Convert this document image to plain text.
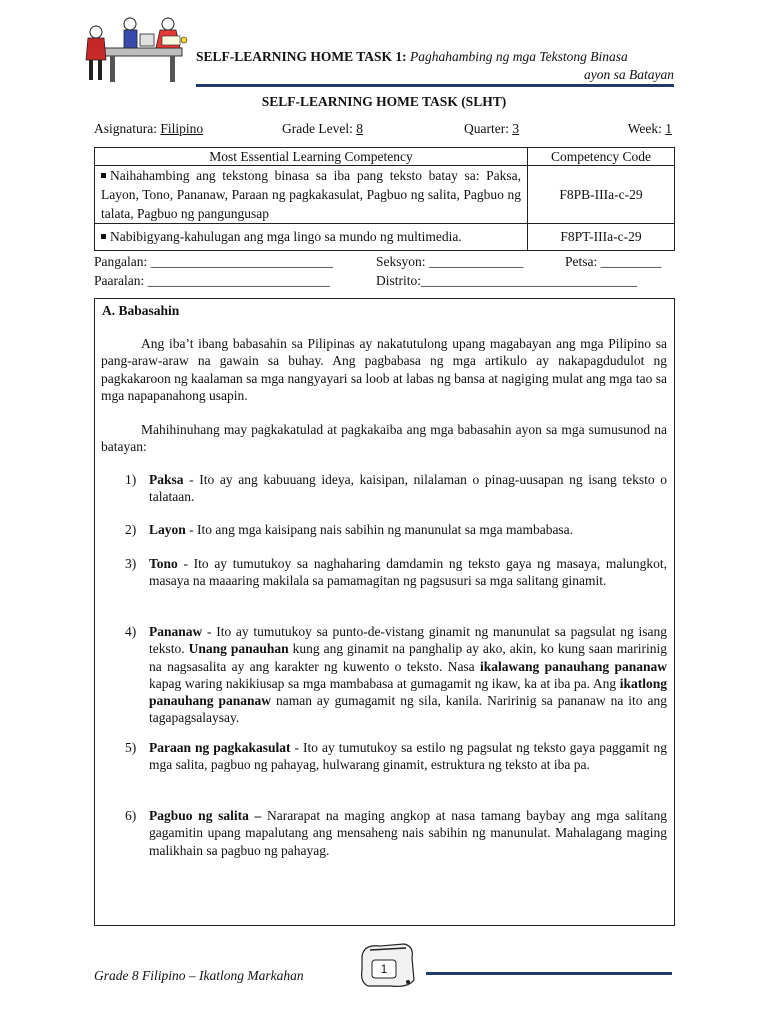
SELF-LEARNING HOME TASK 1: Paghahambing ng mga Tekstong Binasa
ayon sa Batayan
SELF-LEARNING HOME TASK (SLHT)
Asignatura: Filipino	Grade Level: 8	Quarter: 3	Week: 1
Most Essential Learning Competency	Competency Code

Naihahambing ang tekstong binasa sa iba pang teksto batay sa: Paksa, Layon, Tono, Pananaw, Paraan ng pagkakasulat, Pagbuo ng salita, Pagbuo ng talata, Pagbuo ng pangungusap	F8PB-IIIa-c-29

Nabibigyang-kahulugan ang mga lingo sa mundo ng multimedia.	F8PT-IIIa-c-29
Pangalan: ___________________________	Seksyon: ______________	Petsa: _________
Paaralan: ___________________________	Distrito:________________________________
A. Babasahin
Ang iba’t ibang babasahin sa Pilipinas ay nakatutulong upang magabayan ang mga Pilipino sa pang-araw-araw na gawain sa buhay. Ang pagbabasa ng mga artikulo ay nakapagdudulot ng pagkakaroon ng kaalaman sa mga nangyayari sa loob at labas ng bansa at nagiging mulat ang mga tao sa mga napapanahong usapin.
Mahihinuhang may pagkakatulad at pagkakaiba ang mga babasahin ayon sa mga sumusunod na batayan:
1) Paksa - Ito ay ang kabuuang ideya, kaisipan, nilalaman o pinag-uusapan ng isang teksto o talataan.
2) Layon - Ito ang mga kaisipang nais sabihin ng manunulat sa mga mambabasa.
3) Tono - Ito ay tumutukoy sa naghaharing damdamin ng teksto gaya ng masaya, malungkot, masaya na maaaring makilala sa pamamagitan ng pagsusuri sa mga salitang ginamit.
4) Pananaw - Ito ay tumutukoy sa punto-de-vistang ginamit ng manunulat sa pagsulat ng isang teksto. Unang panauhan kung ang ginamit na panghalip ay ako, akin, ko kung saan maririnig na nagsasalita ay ang karakter ng kuwento o teksto. Nasa ikalawang panauhang pananaw kapag waring nakikiusap sa mga mambabasa at gumagamit ng ikaw, ka at iba pa. Ang ikatlong panauhang pananaw naman ay gumagamit ng sila, kanila. Naririnig sa pananaw na ito ang tagapagsalaysay.
5) Paraan ng pagkakasulat - Ito ay tumutukoy sa estilo ng pagsulat ng teksto gaya paggamit ng mga salita, pagbuo ng pahayag, hulwarang ginamit, estruktura ng teksto at iba pa.
6) Pagbuo ng salita – Nararapat na maging angkop at nasa tamang baybay ang mga salitang gagamitin upang mapalutang ang mensaheng nais sabihin ng manunulat. Mahalagang maging malikhain sa pagbuo ng pahayag.
Grade 8 Filipino – Ikatlong Markahan	1
